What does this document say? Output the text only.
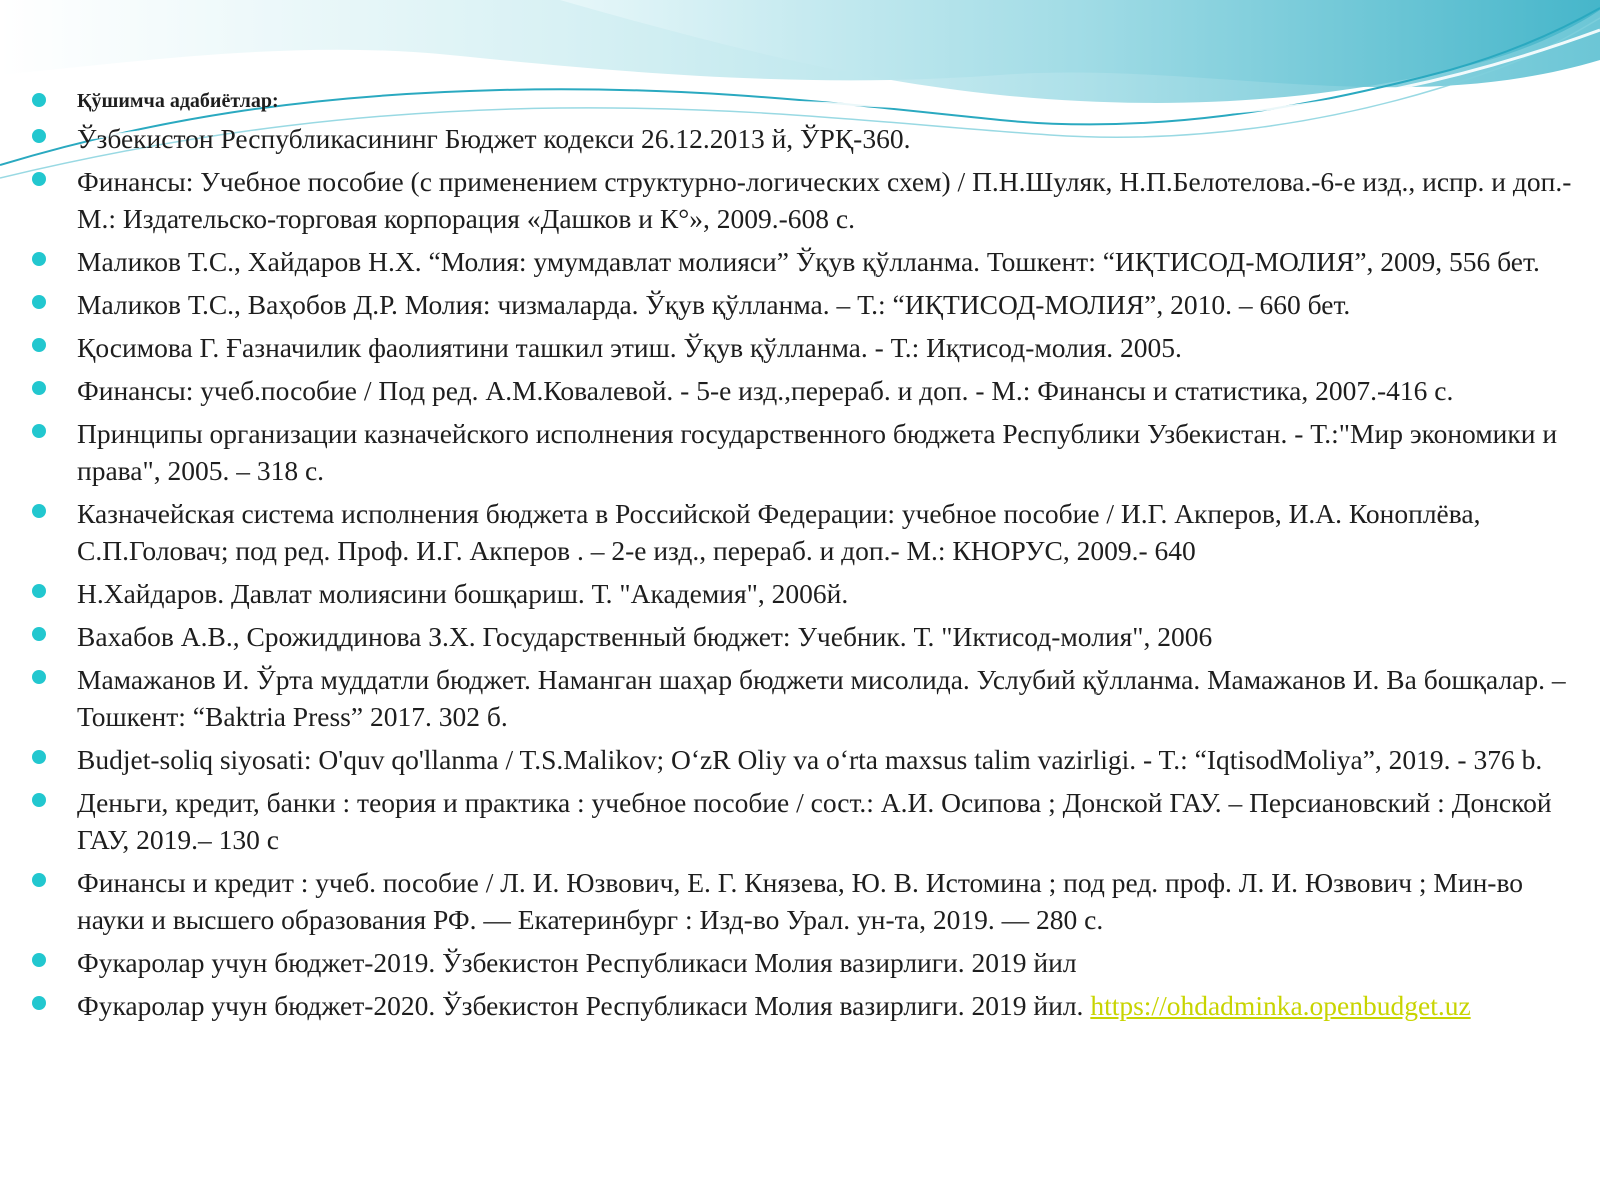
Қўшимча адабиётлар:
Ўзбекистон Республикасининг Бюджет кодекси 26.12.2013 й, ЎРҚ-360.
Финансы: Учебное пособие (с применением структурно-логических схем) / П.Н.Шуляк, Н.П.Белотелова.-6-е изд., испр. и доп.- М.: Издательско-торговая корпорация «Дашков и К°», 2009.-608 с.
Маликов Т.С., Хайдаров Н.Х. “Молия: умумдавлат молияси” Ўқув қўлланма. Тошкент: “ИҚТИСОД-МОЛИЯ”, 2009, 556 бет.
Маликов Т.С., Ваҳобов Д.Р. Молия: чизмаларда. Ўқув қўлланма. – Т.: “ИҚТИСОД-МОЛИЯ”, 2010. – 660 бет.
Қосимова Г. Ғазначилик фаолиятини ташкил этиш. Ўқув қўлланма. - Т.: Иқтисод-молия. 2005.
Финансы: учеб.пособие / Под ред. А.М.Ковалевой. - 5-е изд.,перераб. и доп. - М.: Финансы и статистика, 2007.-416 с.
Принципы организации казначейского исполнения государственного бюджета Республики Узбекистан. - Т.:"Мир экономики и права", 2005. – 318 с.
Казначейская система исполнения бюджета в Российской Федерации: учебное пособие / И.Г. Акперов, И.А. Коноплёва, С.П.Головач; под ред. Проф. И.Г. Акперов . – 2-е изд., перераб. и доп.- М.: КНОРУС, 2009.- 640
Н.Хайдаров. Давлат молиясини бошқариш. Т. "Академия", 2006й.
Вахабов А.В., Срожиддинова З.Х. Государственный бюджет: Учебник. Т. "Иктисод-молия", 2006
Мамажанов И. Ўрта муддатли бюджет. Наманган шаҳар бюджети мисолида. Услубий қўлланма. Мамажанов И. Ва бошқалар. – Тошкент: “Baktria Press” 2017. 302 б.
Budjet-soliq siyosati: O'quv qo'llanma / T.S.Malikov; O‘zR Oliy va o‘rta maxsus talim vazirligi. - T.: “IqtisodMoliya”, 2019. - 376 b.
Деньги, кредит, банки : теория и практика : учебное пособие / сост.: А.И. Осипова ; Донской ГАУ. – Персиановский : Донской ГАУ, 2019.– 130 с
Финансы и кредит : учеб. пособие / Л. И. Юзвович, Е. Г. Князева, Ю. В. Истомина ; под ред. проф. Л. И. Юзвович ; Мин-во науки и высшего образования РФ. — Екатеринбург : Изд-во Урал. ун-та, 2019. — 280 с.
Фукаролар учун бюджет-2019. Ўзбекистон Республикаси Молия вазирлиги. 2019 йил
Фукаролар учун бюджет-2020. Ўзбекистон Республикаси Молия вазирлиги. 2019 йил. https://ohdadminka.openbudget.uz
